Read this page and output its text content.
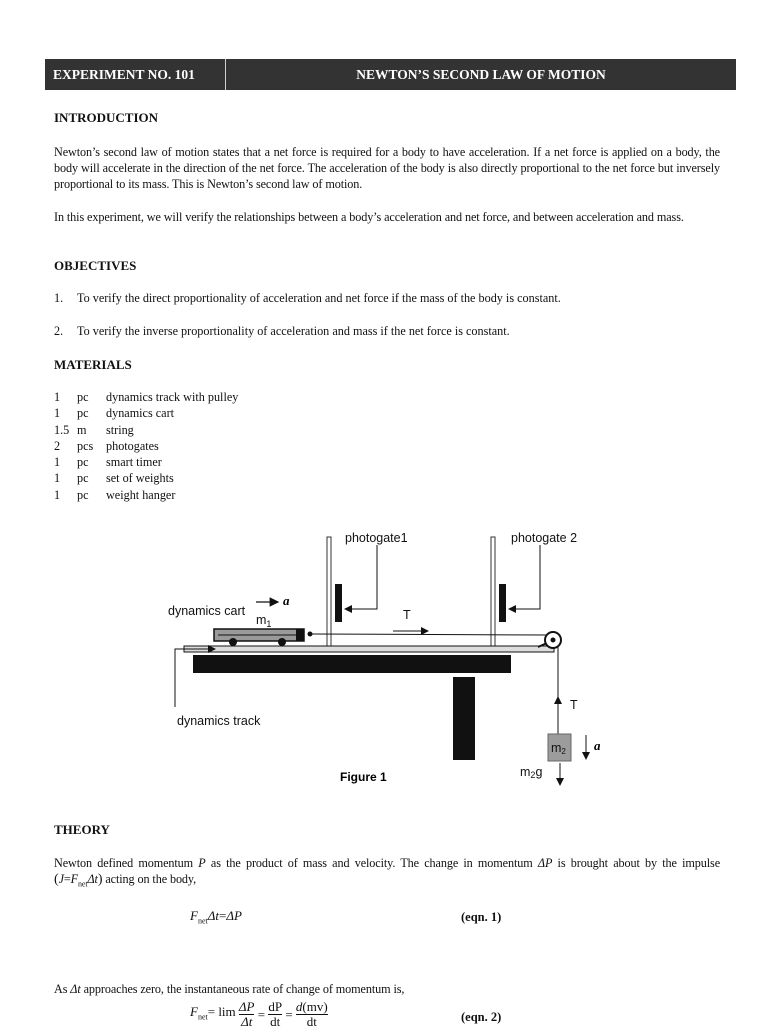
EXPERIMENT NO. 101	NEWTON’S SECOND LAW OF MOTION
INTRODUCTION

Newton’s second law of motion states that a net force is required for a body to have acceleration. If a net force is applied on a body, the body will accelerate in the direction of the net force. The acceleration of the body is also directly proportional to the net force but inversely proportional to its mass. This is Newton’s second law of motion.

In this experiment, we will verify the relationships between a body’s acceleration and net force, and between acceleration and mass.

OBJECTIVES

1. To verify the direct proportionality of acceleration and net force if the mass of the body is constant.

2. To verify the inverse proportionality of acceleration and mass if the net force is constant.

MATERIALS
1	pc	dynamics track with pulley
1	pc	dynamics cart
1.5 m	string
2	pcs	photogates
1	pc	smart timer
1	pc	set of weights
1	pc	weight hanger
photogate1	photogate 2
dynamics cart
a
$m_1$
T
T
dynamics track
m2 a
m2g
Figure 1
THEORY

Newton defined momentum P as the product of mass and velocity. The change in momentum ΔP is brought about by the impulse $(J=F_{net}\Delta t)$ acting on the body,

$F_{net}\Delta t=\Delta P$	(eqn. 1)

As Δt approaches zero, the instantaneous rate of change of momentum is,

$F_{net}= \lim \frac{\Delta P}{\Delta t} = \frac{dP}{dt} = \frac{d(mv)}{dt}$	(eqn. 2)
